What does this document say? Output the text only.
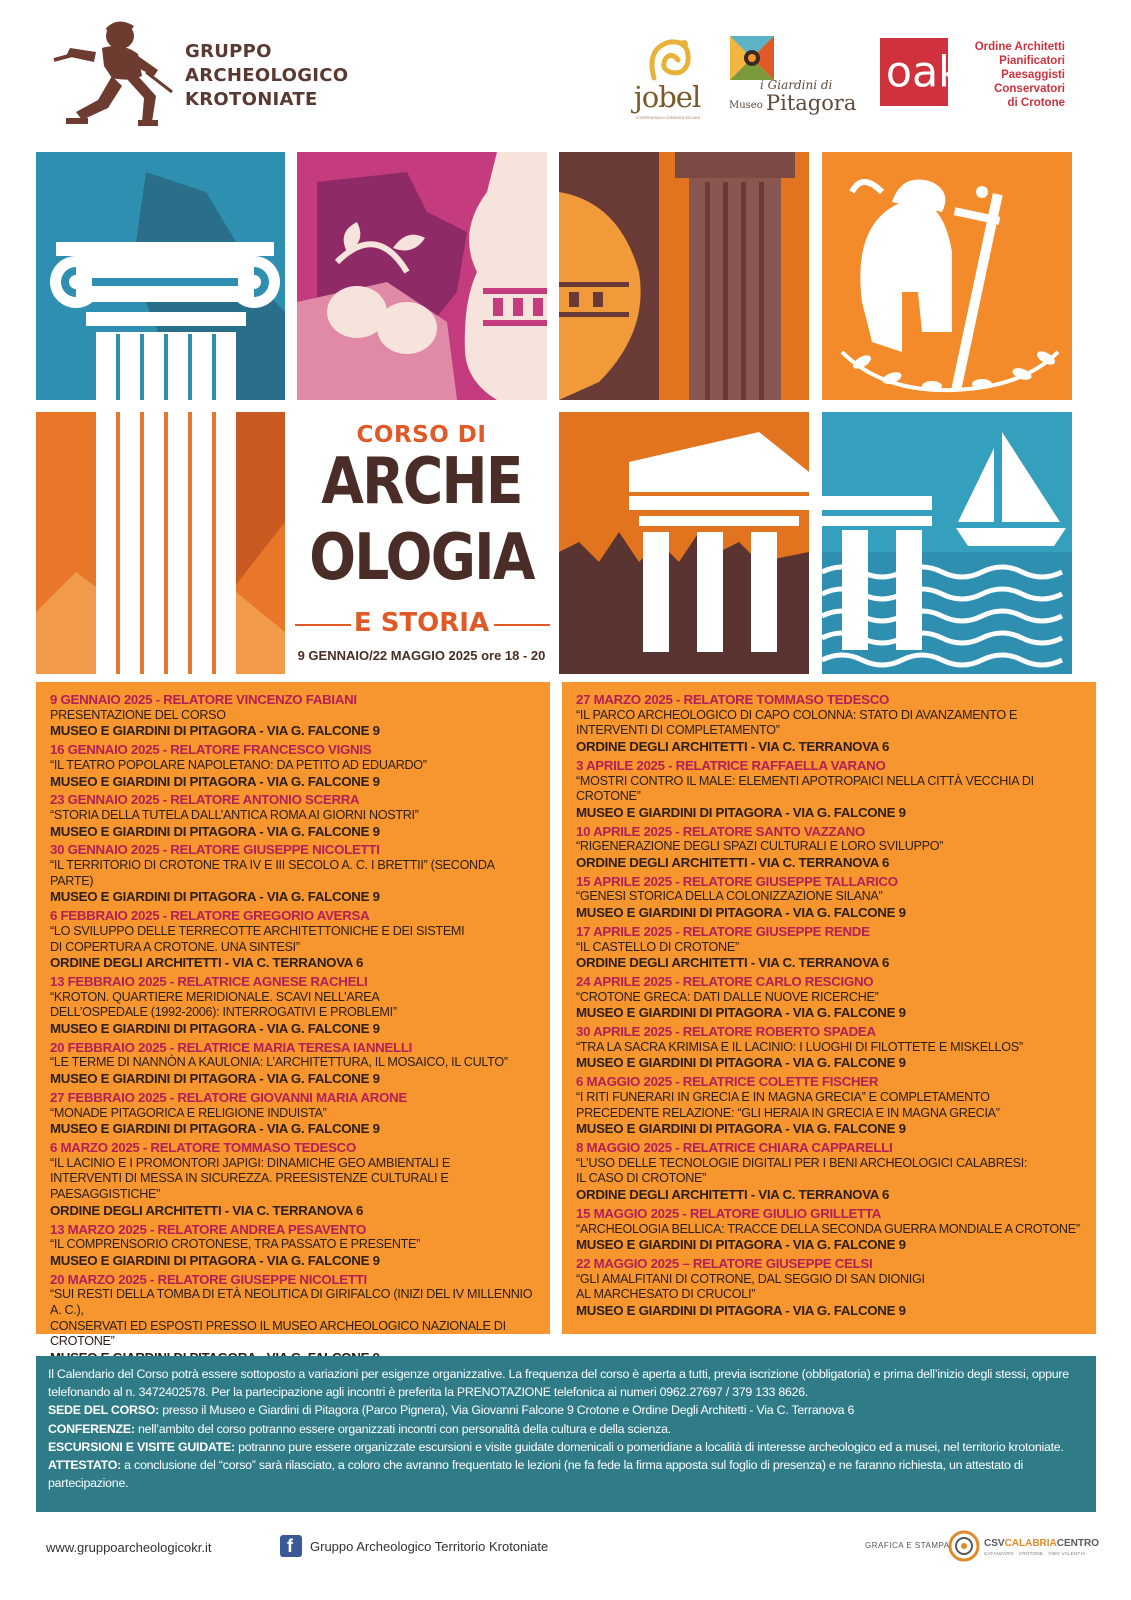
GRUPPO
ARCHEOLOGICO
KROTONIATE	jobel
COOPERATIVA DI COMUNITÀ SOCIALE
i Giardini di
Museo Pitagora
oak
Ordine Architetti
Pianificatori
Paesaggisti
Conservatori
di Crotone
CORSO DI
ARCHE
OLOGIA
E STORIA
9 GENNAIO/22 MAGGIO 2025 ore 18 - 20
9 GENNAIO 2025 - RELATORE VINCENZO FABIANI
PRESENTAZIONE DEL CORSO
MUSEO E GIARDINI DI PITAGORA - VIA G. FALCONE 9
16 GENNAIO 2025 - RELATORE FRANCESCO VIGNIS
“IL TEATRO POPOLARE NAPOLETANO: DA PETITO AD EDUARDO”
MUSEO E GIARDINI DI PITAGORA - VIA G. FALCONE 9
23 GENNAIO 2025 - RELATORE ANTONIO SCERRA
“STORIA DELLA TUTELA DALL’ANTICA ROMA AI GIORNI NOSTRI”
MUSEO E GIARDINI DI PITAGORA - VIA G. FALCONE 9
30 GENNAIO 2025 - RELATORE GIUSEPPE NICOLETTI
“IL TERRITORIO DI CROTONE TRA IV E III SECOLO A. C. I BRETTII” (SECONDA PARTE)
MUSEO E GIARDINI DI PITAGORA - VIA G. FALCONE 9
6 FEBBRAIO 2025 - RELATORE GREGORIO AVERSA
“LO SVILUPPO DELLE TERRECOTTE ARCHITETTONICHE E DEI SISTEMI
DI COPERTURA A CROTONE. UNA SINTESI”
ORDINE DEGLI ARCHITETTI - VIA C. TERRANOVA 6
13 FEBBRAIO 2025 - RELATRICE AGNESE RACHELI
“KROTON. QUARTIERE MERIDIONALE. SCAVI NELL’AREA
DELL’OSPEDALE (1992-2006): INTERROGATIVI E PROBLEMI”
MUSEO E GIARDINI DI PITAGORA - VIA G. FALCONE 9
20 FEBBRAIO 2025 - RELATRICE MARIA TERESA IANNELLI
“LE TERME DI NANNÒN A KAULONIA: L’ARCHITETTURA, IL MOSAICO, IL CULTO”
MUSEO E GIARDINI DI PITAGORA - VIA G. FALCONE 9
27 FEBBRAIO 2025 - RELATORE GIOVANNI MARIA ARONE
“MONADE PITAGORICA E RELIGIONE INDUISTA”
MUSEO E GIARDINI DI PITAGORA - VIA G. FALCONE 9
6 MARZO 2025 - RELATORE TOMMASO TEDESCO
“IL LACINIO E I PROMONTORI JAPIGI: DINAMICHE GEO AMBIENTALI E
INTERVENTI DI MESSA IN SICUREZZA. PREESISTENZE CULTURALI E PAESAGGISTICHE”
ORDINE DEGLI ARCHITETTI - VIA C. TERRANOVA 6
13 MARZO 2025 - RELATORE ANDREA PESAVENTO
“IL COMPRENSORIO CROTONESE, TRA PASSATO E PRESENTE”
MUSEO E GIARDINI DI PITAGORA - VIA G. FALCONE 9
20 MARZO 2025 - RELATORE GIUSEPPE NICOLETTI
“SUI RESTI DELLA TOMBA DI ETÀ NEOLITICA DI GIRIFALCO (INIZI DEL IV MILLENNIO A. C.),
CONSERVATI ED ESPOSTI PRESSO IL MUSEO ARCHEOLOGICO NAZIONALE DI CROTONE”
27 MARZO 2025 - RELATORE TOMMASO TEDESCO
“IL PARCO ARCHEOLOGICO DI CAPO COLONNA: STATO DI AVANZAMENTO E
INTERVENTI DI COMPLETAMENTO”
ORDINE DEGLI ARCHITETTI - VIA C. TERRANOVA 6
3 APRILE 2025 - RELATRICE RAFFAELLA VARANO
“MOSTRI CONTRO IL MALE: ELEMENTI APOTROPAICI NELLA CITTÀ VECCHIA DI CROTONE”
MUSEO E GIARDINI DI PITAGORA - VIA G. FALCONE 9
10 APRILE 2025 - RELATORE SANTO VAZZANO
“RIGENERAZIONE DEGLI SPAZI CULTURALI E LORO SVILUPPO”
ORDINE DEGLI ARCHITETTI - VIA C. TERRANOVA 6
15 APRILE 2025 - RELATORE GIUSEPPE TALLARICO
“GENESI STORICA DELLA COLONIZZAZIONE SILANA”
MUSEO E GIARDINI DI PITAGORA - VIA G. FALCONE 9
17 APRILE 2025 - RELATORE GIUSEPPE RENDE
“IL CASTELLO DI CROTONE”
ORDINE DEGLI ARCHITETTI - VIA C. TERRANOVA 6
24 APRILE 2025 - RELATORE CARLO RESCIGNO
“CROTONE GRECA: DATI DALLE NUOVE RICERCHE”
MUSEO E GIARDINI DI PITAGORA - VIA G. FALCONE 9
30 APRILE 2025 - RELATORE ROBERTO SPADEA
“TRA LA SACRA KRIMISA E IL LACINIO: I LUOGHI DI FILOTTETE E MISKELLOS”
MUSEO E GIARDINI DI PITAGORA - VIA G. FALCONE 9
6 MAGGIO 2025 - RELATRICE COLETTE FISCHER
“I RITI FUNERARI IN GRECIA E IN MAGNA GRECIA” E COMPLETAMENTO
PRECEDENTE RELAZIONE: “GLI HERAIA IN GRECIA E IN MAGNA GRECIA”
MUSEO E GIARDINI DI PITAGORA - VIA G. FALCONE 9
8 MAGGIO 2025 - RELATRICE CHIARA CAPPARELLI
“L’USO DELLE TECNOLOGIE DIGITALI PER I BENI ARCHEOLOGICI CALABRESI:
IL CASO DI CROTONE”
ORDINE DEGLI ARCHITETTI - VIA C. TERRANOVA 6
15 MAGGIO 2025 - RELATORE GIULIO GRILLETTA
“ARCHEOLOGIA BELLICA: TRACCE DELLA SECONDA GUERRA MONDIALE A CROTONE”
MUSEO E GIARDINI DI PITAGORA - VIA G. FALCONE 9
22 MAGGIO 2025 – RELATORE GIUSEPPE CELSI
“GLI AMALFITANI DI COTRONE, DAL SEGGIO DI SAN DIONIGI
AL MARCHESATO DI CRUCOLI”
MUSEO E GIARDINI DI PITAGORA - VIA G. FALCONE 9

Il Calendario del Corso potrà essere sottoposto a variazioni per esigenze organizzative. La frequenza del corso è aperta a tutti, previa iscrizione (obbligatoria) e prima dell’inizio degli stessi, oppure telefonando al n. 3472402578. Per la partecipazione agli incontri è preferita la PRENOTAZIONE telefonica ai numeri 0962.27697 / 379 133 8626.

SEDE DEL CORSO: presso il Museo e Giardini di Pitagora (Parco Pignera), Via Giovanni Falcone 9 Crotone e Ordine Degli Architetti - Via C. Terranova 6

CONFERENZE: nell’ambito del corso potranno essere organizzati incontri con personalità della cultura e della scienza.

ESCURSIONI E VISITE GUIDATE: potranno pure essere organizzate escursioni e visite guidate domenicali o pomeridiane a località di interesse archeologico ed a musei, nel territorio krotoniate.

ATTESTATO: a conclusione del “corso” sarà rilasciato, a coloro che avranno frequentato le lezioni (ne fa fede la firma apposta sul foglio di presenza) e ne faranno richiesta, un attestato di partecipazione.

www.gruppoarcheologicokr.it	f Gruppo Archeologico Territorio Krotoniate	GRAFICA E STAMPA	CSVCALABRIACENTRO
CATANZARO · CROTONE · VIBO VALENTIA
